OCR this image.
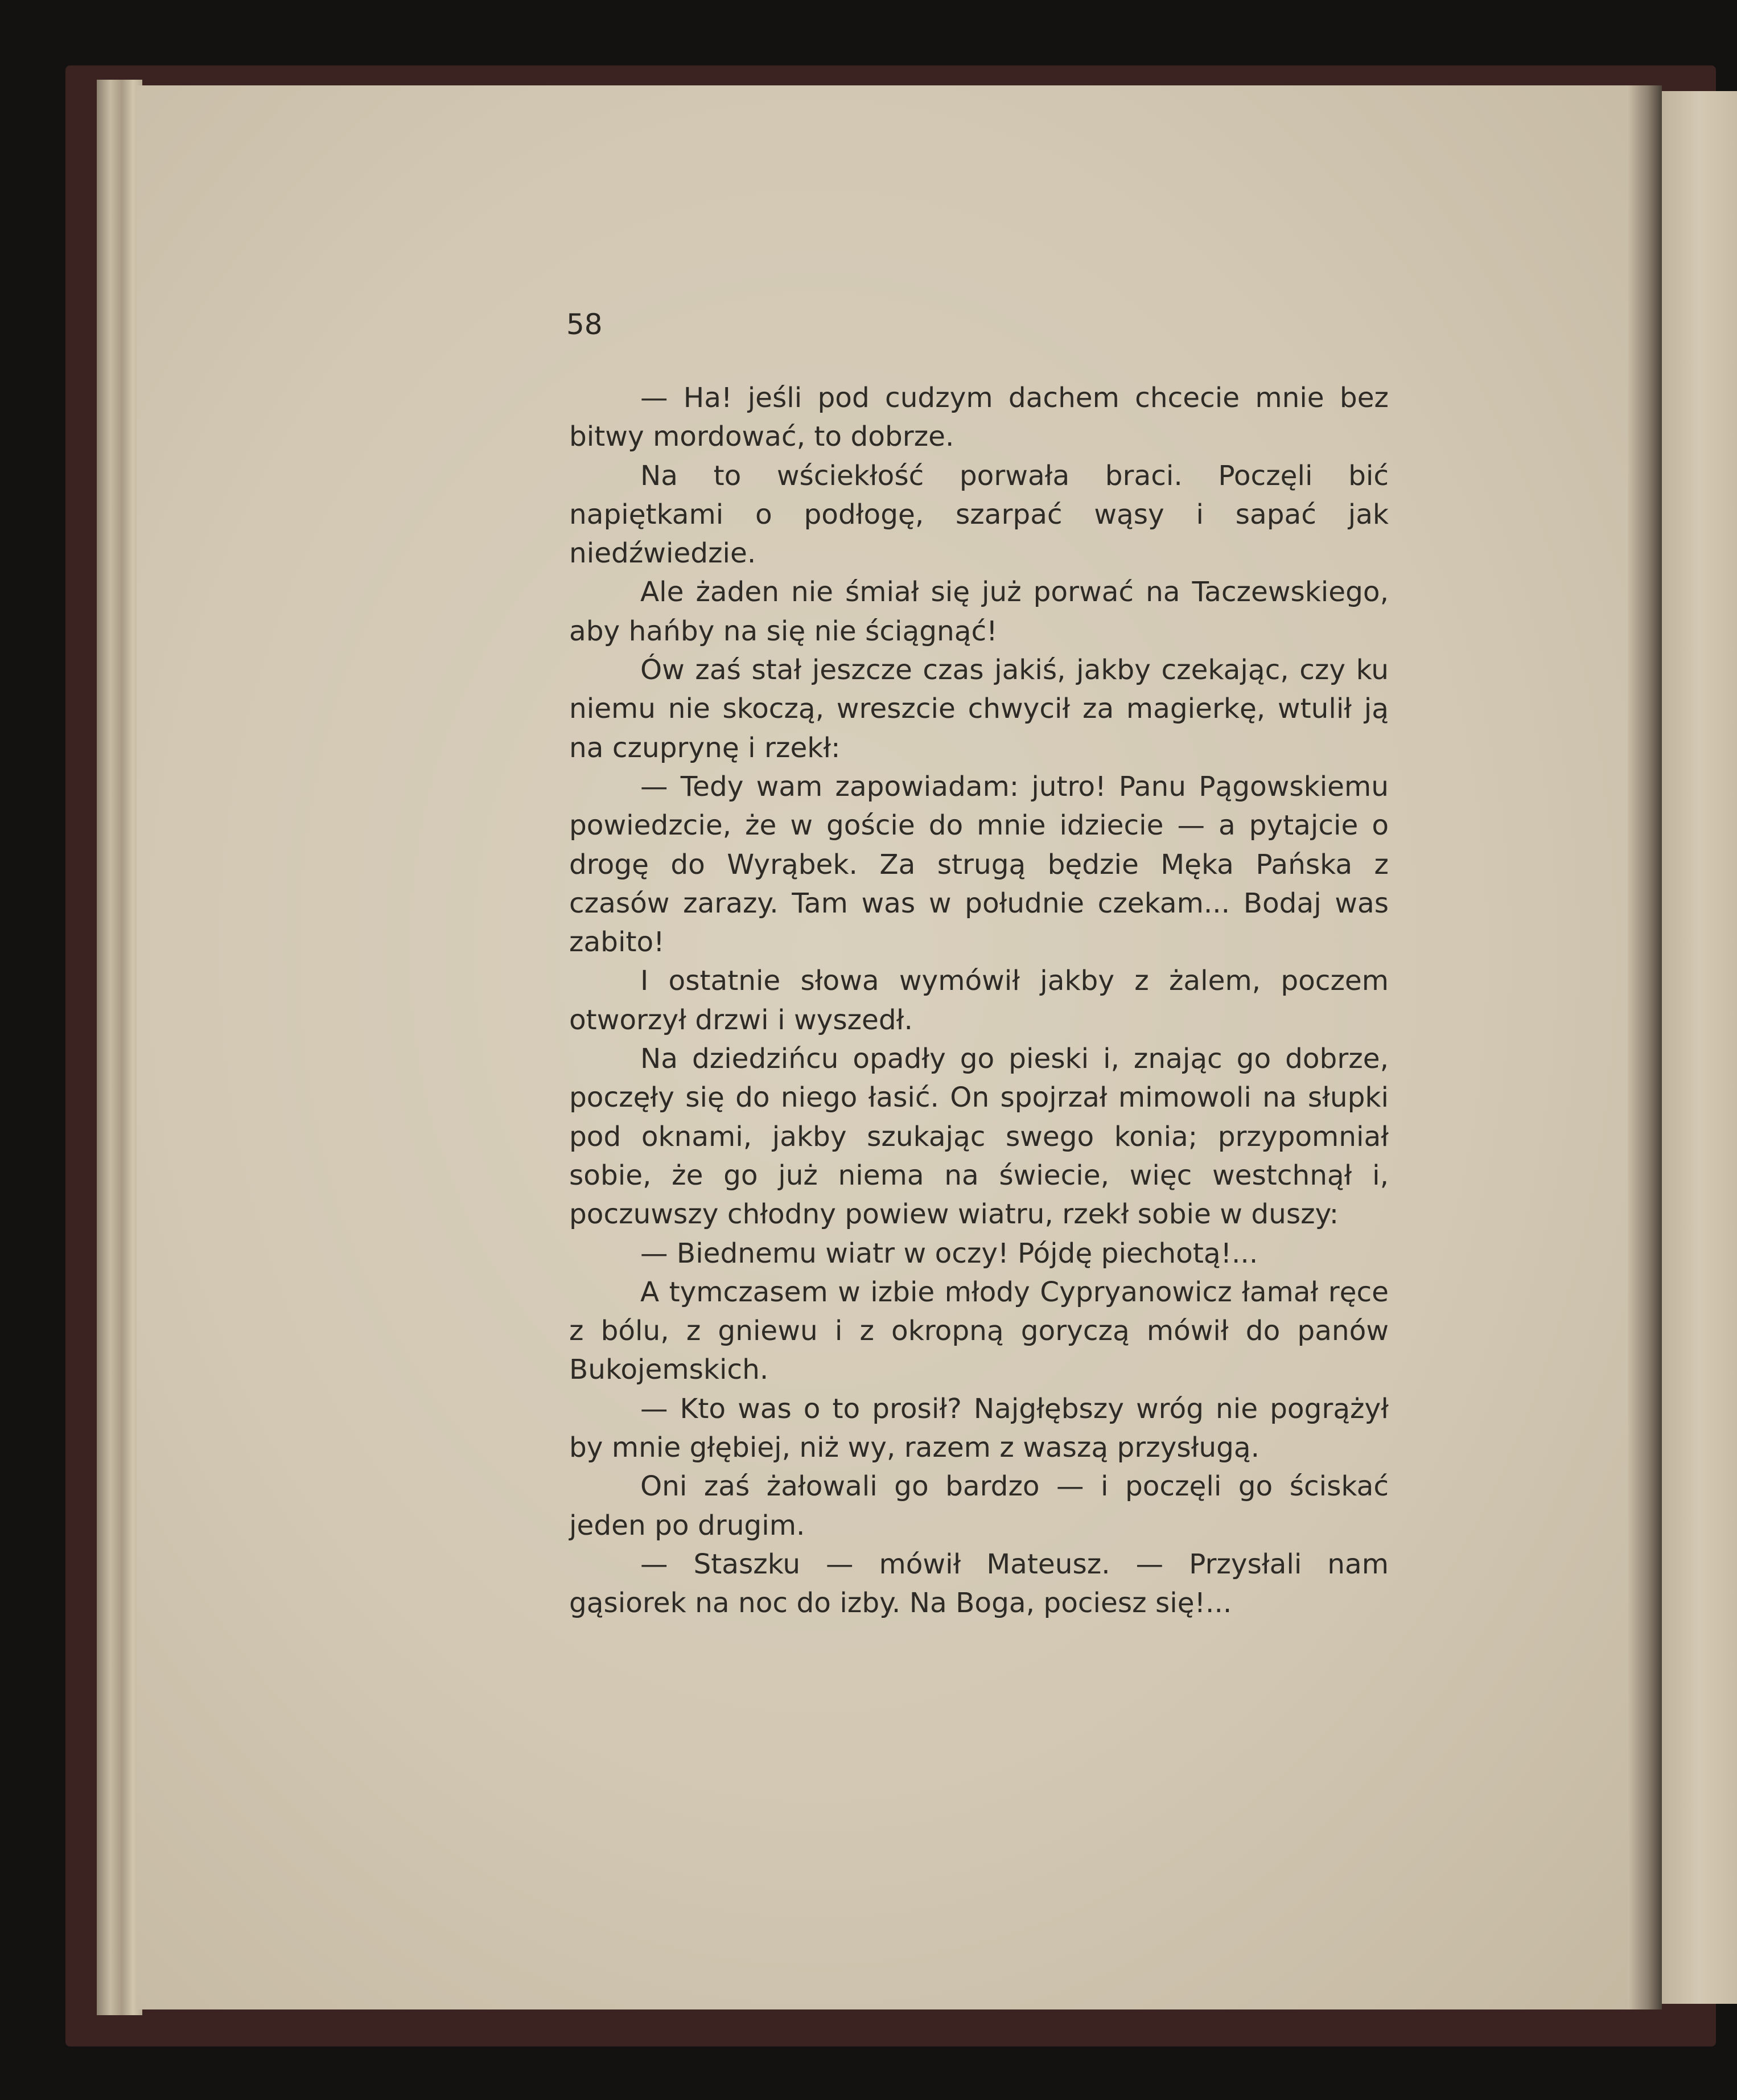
58

— Ha! jeśli pod cudzym dachem chcecie mnie bez bitwy mordować, to dobrze.

Na to wściekłość porwała braci. Poczęli bić napiętkami o podłogę, szarpać wąsy i sapać jak niedźwiedzie.

Ale żaden nie śmiał się już porwać na Taczewskiego, aby hańby na się nie ściągnąć!

Ów zaś stał jeszcze czas jakiś, jakby czekając, czy ku niemu nie skoczą, wreszcie chwycił za magierkę, wtulił ją na czuprynę i rzekł:

— Tedy wam zapowiadam: jutro! Panu Pągowskiemu powiedzcie, że w goście do mnie idziecie — a pytajcie o drogę do Wyrąbek. Za strugą będzie Męka Pańska z czasów zarazy. Tam was w południe czekam... Bodaj was zabito!

I ostatnie słowa wymówił jakby z żalem, poczem otworzył drzwi i wyszedł.

Na dziedzińcu opadły go pieski i, znając go dobrze, poczęły się do niego łasić. On spojrzał mimowoli na słupki pod oknami, jakby szukając swego konia; przypomniał sobie, że go już niema na świecie, więc westchnął i, poczuwszy chłodny powiew wiatru, rzekł sobie w duszy:

— Biednemu wiatr w oczy! Pójdę piechotą!...

A tymczasem w izbie młody Cypryanowicz łamał ręce z bólu, z gniewu i z okropną goryczą mówił do panów Bukojemskich.

— Kto was o to prosił? Najgłębszy wróg nie pogrążył by mnie głębiej, niż wy, razem z waszą przysługą.

Oni zaś żałowali go bardzo — i poczęli go ściskać jeden po drugim.

— Staszku — mówił Mateusz. — Przysłali nam gąsiorek na noc do izby. Na Boga, pociesz się!...
